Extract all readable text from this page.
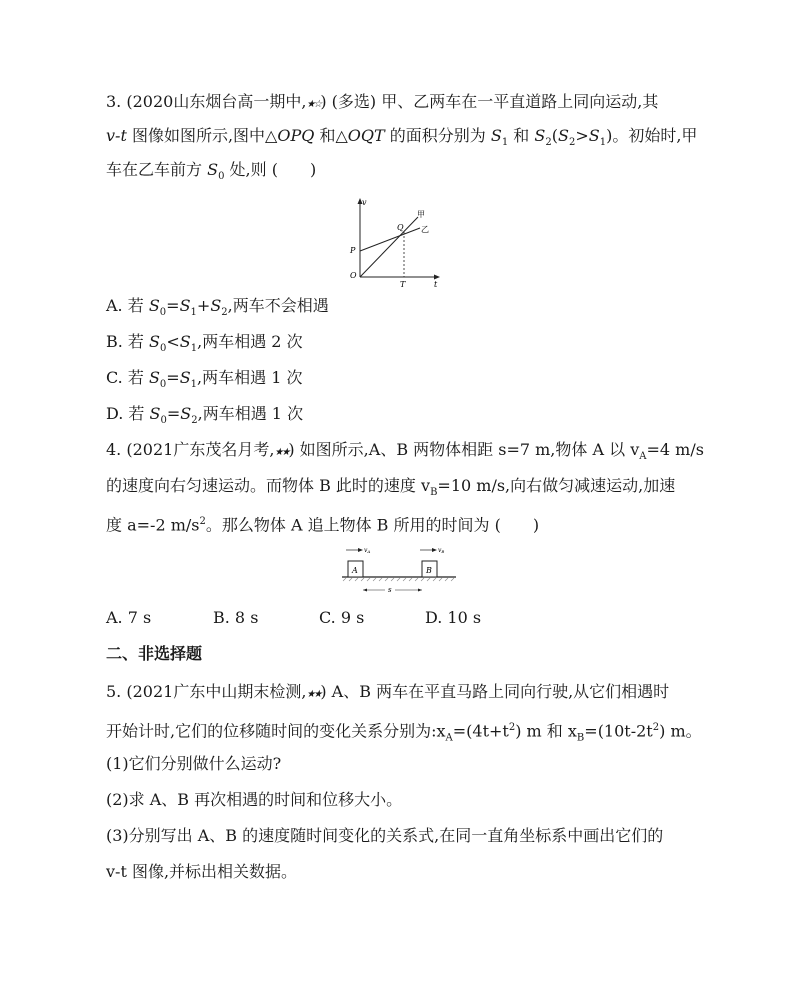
3. (2020山东烟台高一期中,★☆) (多选) 甲、乙两车在一平直道路上同向运动,其
v-t 图像如图所示,图中△OPQ 和△OQT 的面积分别为 $S_1$ 和 $S_2(S_2>S_1)$。初始时,甲
车在乙车前方 $S_0$ 处,则 (　　)
v
t
O
P
Q
T
甲
乙
A. 若 $S_0=S_1+S_2$,两车不会相遇
B. 若 $S_0<S_1$,两车相遇 2 次
C. 若 $S_0=S_1$,两车相遇 1 次
D. 若 $S_0=S_2$,两车相遇 1 次
4. (2021广东茂名月考,★★) 如图所示,A、B 两物体相距 s=7 m,物体 A 以 $v_A=4$ m/s
的速度向右匀速运动。而物体 B 此时的速度 $v_B=10$ m/s,向右做匀减速运动,加速
度 a=-2 $m/s^2$。那么物体 A 追上物体 B 所用的时间为 (　　)
A	B
vA	vB
s
A. 7 s	B. 8 s	C. 9 s	D. 10 s
二、非选择题
5. (2021广东中山期末检测,★★) A、B 两车在平直马路上同向行驶,从它们相遇时
开始计时,它们的位移随时间的变化关系分别为$:x_A=(4t+t^2)$ m 和 $x_B=(10t-2t^2)$ m。
(1)它们分别做什么运动?
(2)求 A、B 再次相遇的时间和位移大小。
(3)分别写出 A、B 的速度随时间变化的关系式,在同一直角坐标系中画出它们的
v-t 图像,并标出相关数据。
